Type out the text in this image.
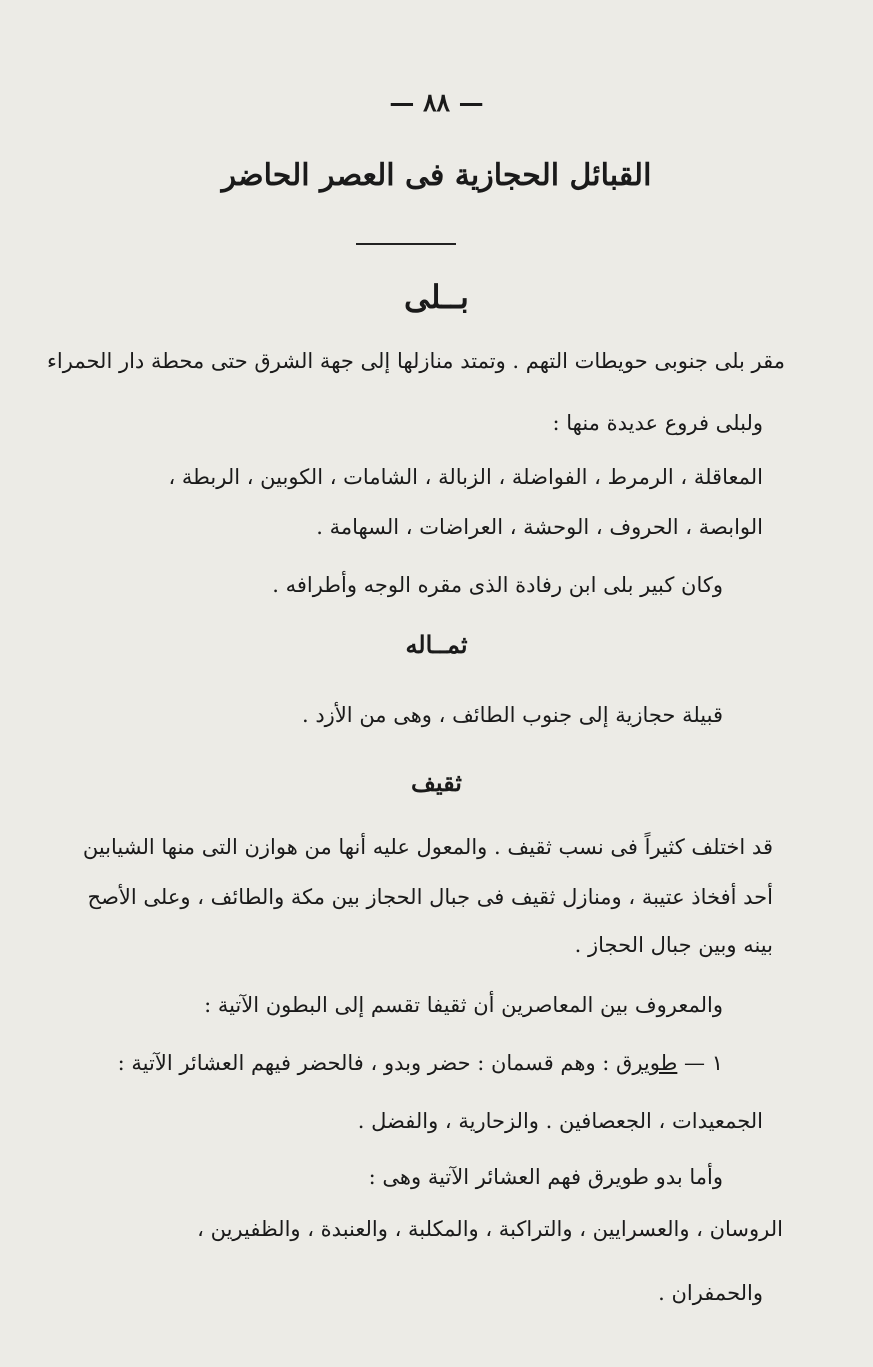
— ٨٨ —
القبائل الحجازية فى العصر الحاضر
بــلى
مقر بلى جنوبى حويطات التهم . وتمتد منازلها إلى جهة الشرق حتى محطة دار الحمراء
ولبلى فروع عديدة منها :
المعاقلة ، الرمرط ، الفواضلة ، الزبالة ، الشامات ، الكوبين ، الربطة ،
الوابصة ، الحروف ، الوحشة ، العراضات ، السهامة .
وكان كبير بلى ابن رفادة الذى مقره الوجه وأطرافه .
ثمــاله
قبيلة حجازية إلى جنوب الطائف ، وهى من الأزد .
ثقيف
قد اختلف كثيراً فى نسب ثقيف . والمعول عليه أنها من هوازن التى منها الشيابين
أحد أفخاذ عتيبة ، ومنازل ثقيف فى جبال الحجاز بين مكة والطائف ، وعلى الأصح
بينه وبين جبال الحجاز .
والمعروف بين المعاصرين أن ثقيفا تقسم إلى البطون الآتية :
١ — طويرق : وهم قسمان : حضر وبدو ، فالحضر فيهم العشائر الآتية :
الجمعيدات ، الجعصافين . والزحارية ، والفضل .
وأما بدو طويرق فهم العشائر الآتية وهى :
الروسان ، والعسرايين ، والتراكبة ، والمكلبة ، والعنبدة ، والظفيرين ،
والحمفران .
